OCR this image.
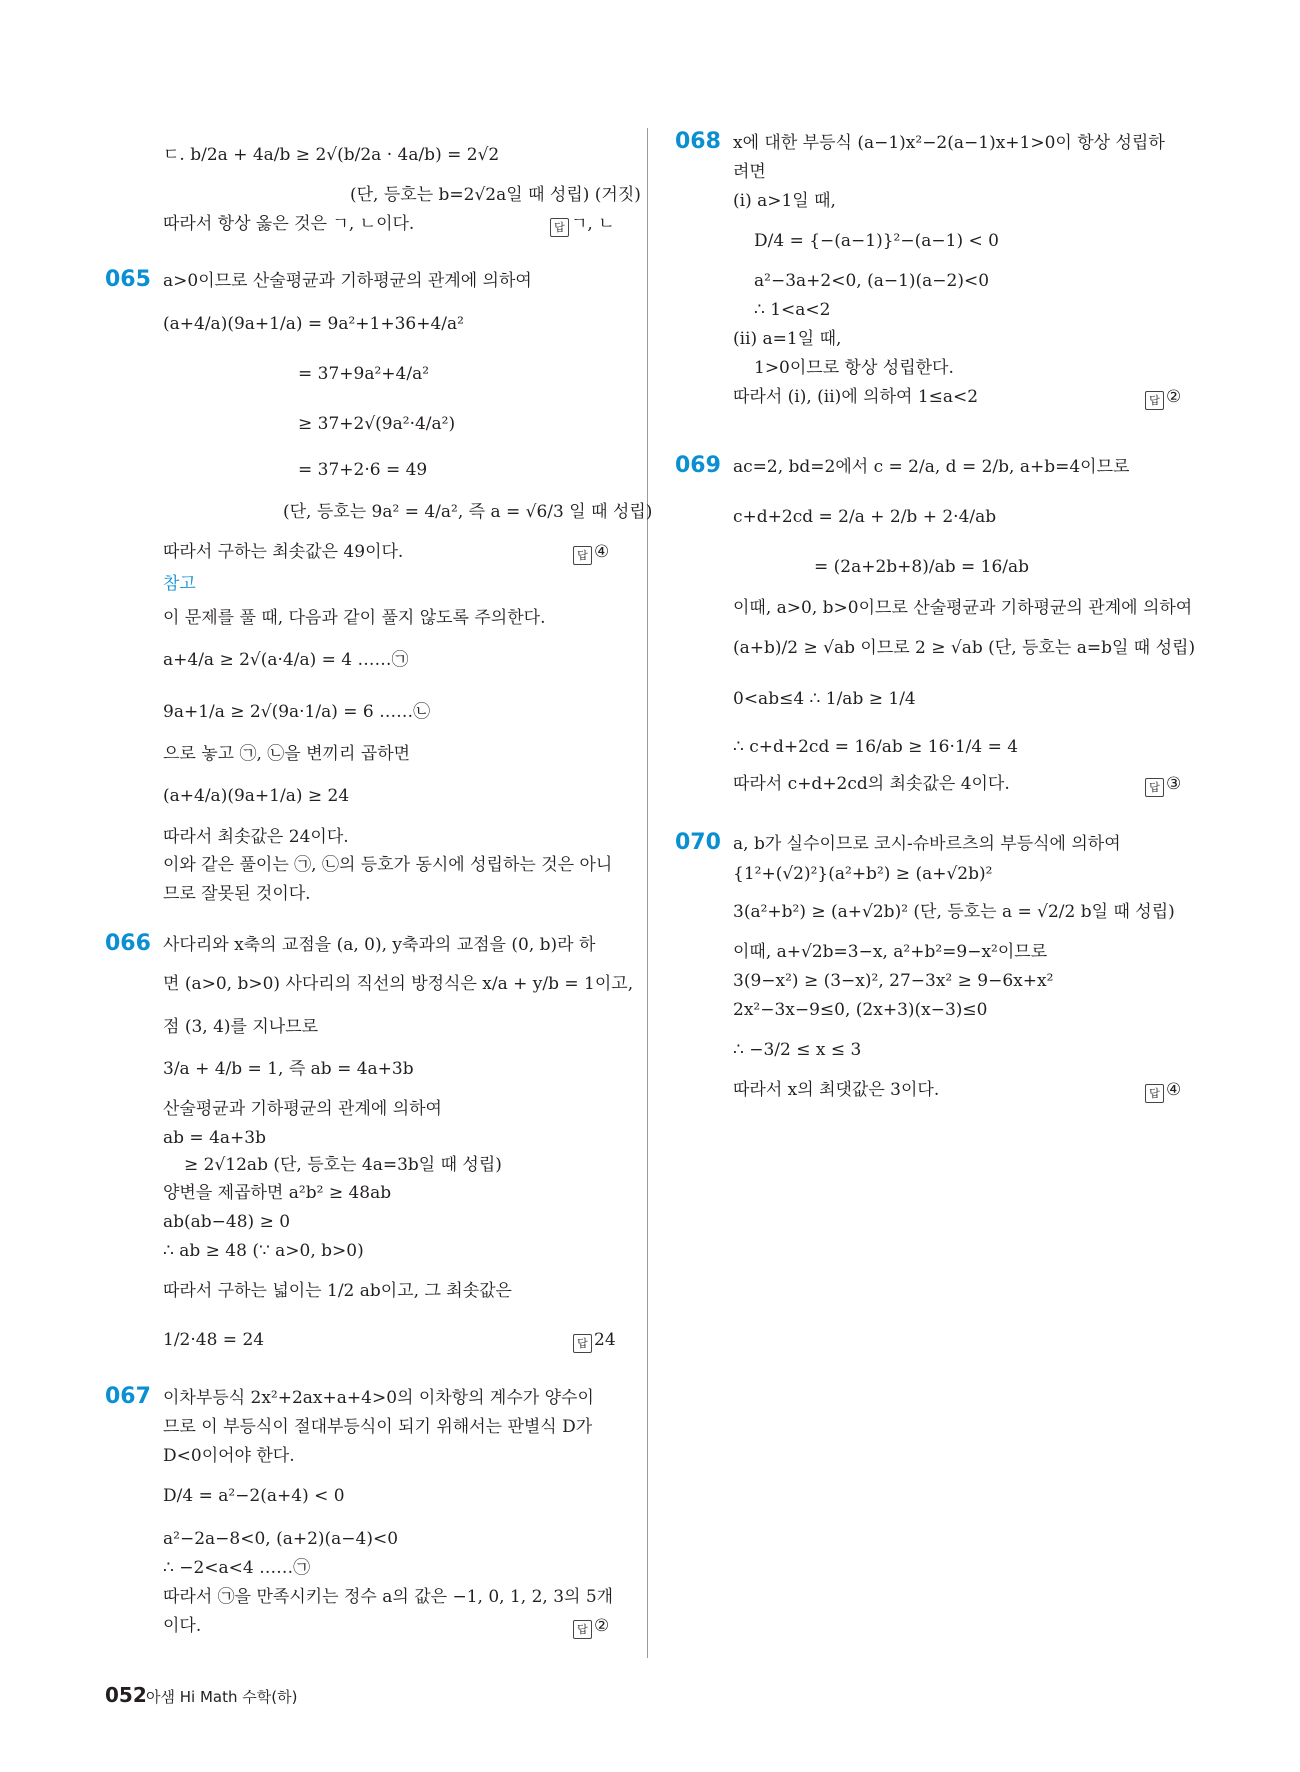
ㄷ. b/2a + 4a/b ≥ 2√(b/2a · 4a/b) = 2√2
(단, 등호는 b=2√2a일 때 성립) (거짓)
따라서 항상 옳은 것은 ㄱ, ㄴ이다.	답 ㄱ, ㄴ
065 a>0이므로 산술평균과 기하평균의 관계에 의하여
(a+4/a)(9a+1/a) = 9a²+1+36+4/a²
= 37+9a²+4/a²
≥ 37+2√(9a²·4/a²)
= 37+2·6 = 49
(단, 등호는 9a² = 4/a², 즉 a = √6/3 일 때 성립)
따라서 구하는 최솟값은 49이다.	답 ④
참고
이 문제를 풀 때, 다음과 같이 풀지 않도록 주의한다.
a+4/a ≥ 2√(a·4/a) = 4 ……㉠
9a+1/a ≥ 2√(9a·1/a) = 6 ……㉡
으로 놓고 ㉠, ㉡을 변끼리 곱하면
(a+4/a)(9a+1/a) ≥ 24
따라서 최솟값은 24이다.
이와 같은 풀이는 ㉠, ㉡의 등호가 동시에 성립하는 것은 아니
므로 잘못된 것이다.
066 사다리와 x축의 교점을 (a, 0), y축과의 교점을 (0, b)라 하
면 (a>0, b>0) 사다리의 직선의 방정식은 x/a + y/b = 1이고,
점 (3, 4)를 지나므로
3/a + 4/b = 1, 즉 ab = 4a+3b
산술평균과 기하평균의 관계에 의하여
ab = 4a+3b
≥ 2√12ab (단, 등호는 4a=3b일 때 성립)
양변을 제곱하면 a²b² ≥ 48ab
ab(ab−48) ≥ 0
∴ ab ≥ 48 (∵ a>0, b>0)
따라서 구하는 넓이는 1/2 ab이고, 그 최솟값은
1/2·48 = 24	답 24
067 이차부등식 2x²+2ax+a+4>0의 이차항의 계수가 양수이
므로 이 부등식이 절대부등식이 되기 위해서는 판별식 D가
D<0이어야 한다.
D/4 = a²−2(a+4) < 0
a²−2a−8<0, (a+2)(a−4)<0
∴ −2<a<4 ……㉠
따라서 ㉠을 만족시키는 정수 a의 값은 −1, 0, 1, 2, 3의 5개
이다.	답 ②
068 x에 대한 부등식 (a−1)x²−2(a−1)x+1>0이 항상 성립하
려면
(ⅰ) a>1일 때,
D/4 = {−(a−1)}²−(a−1) < 0
a²−3a+2<0, (a−1)(a−2)<0
∴ 1<a<2
(ⅱ) a=1일 때,
1>0이므로 항상 성립한다.
따라서 (ⅰ), (ⅱ)에 의하여 1≤a<2	답 ②
069 ac=2, bd=2에서 c = 2/a, d = 2/b, a+b=4이므로
c+d+2cd = 2/a + 2/b + 2·4/ab
= (2a+2b+8)/ab = 16/ab
이때, a>0, b>0이므로 산술평균과 기하평균의 관계에 의하여
(a+b)/2 ≥ √ab 이므로 2 ≥ √ab (단, 등호는 a=b일 때 성립)
0<ab≤4 ∴ 1/ab ≥ 1/4
∴ c+d+2cd = 16/ab ≥ 16·1/4 = 4
따라서 c+d+2cd의 최솟값은 4이다.	답 ③
070 a, b가 실수이므로 코시-슈바르츠의 부등식에 의하여
{1²+(√2)²}(a²+b²) ≥ (a+√2b)²
3(a²+b²) ≥ (a+√2b)² (단, 등호는 a = √2/2 b일 때 성립)
이때, a+√2b=3−x, a²+b²=9−x²이므로
3(9−x²) ≥ (3−x)², 27−3x² ≥ 9−6x+x²
2x²−3x−9≤0, (2x+3)(x−3)≤0
∴ −3/2 ≤ x ≤ 3
따라서 x의 최댓값은 3이다.	답 ④
052 아샘 Hi Math 수학(하)
